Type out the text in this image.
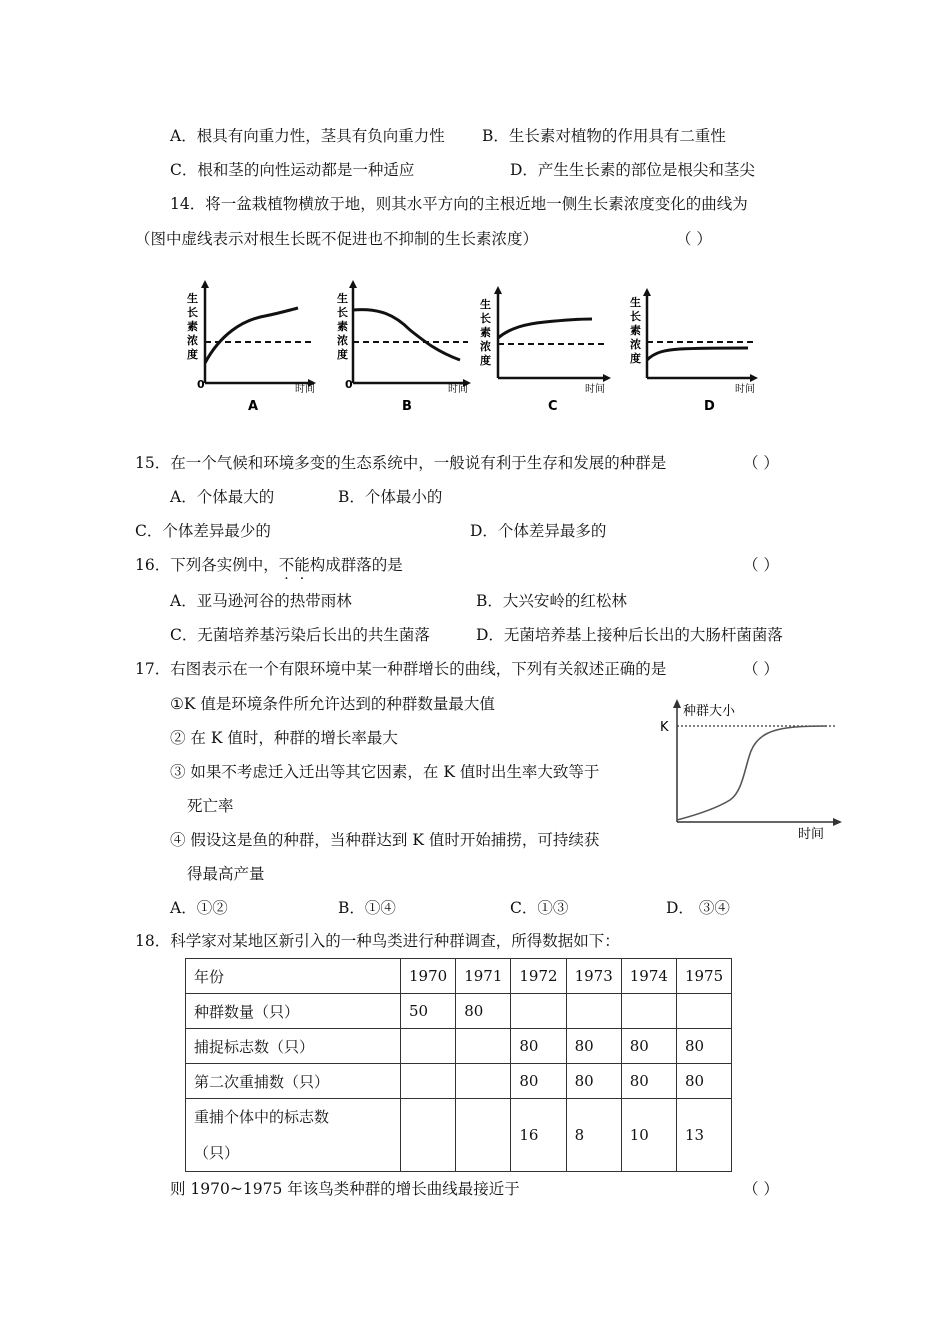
A．根具有向重力性，茎具有负向重力性 B．生长素对植物的作用具有二重性
C．根和茎的向性运动都是一种适应	D．产生生长素的部位是根尖和茎尖
14．将一盆栽植物横放于地，则其水平方向的主根近地一侧生长素浓度变化的曲线为
（图中虚线表示对根生长既不促进也不抑制的生长素浓度）	（ ）
生
长
素
浓
度
0	时间
A
生
长
素
浓
度
0	时间
B
生
长
素
浓
度
时间
C
生
长
素
浓
度
时间
D
15．在一个气候和环境多变的生态系统中，一般说有利于生存和发展的种群是	（ ）
A．个体最大的	B．个体最小的
C．个体差异最少的	D．个体差异最多的
16．下列各实例中，不能构成群落的是	（ ）
A．亚马逊河谷的热带雨林	B．大兴安岭的红松林
C．无菌培养基污染后长出的共生菌落	D．无菌培养基上接种后长出的大肠杆菌菌落
17．右图表示在一个有限环境中某一种群增长的曲线，下列有关叙述正确的是	（ ）
①K 值是环境条件所允许达到的种群数量最大值
② 在 K 值时，种群的增长率最大
③ 如果不考虑迁入迁出等其它因素，在 K 值时出生率大致等于
死亡率
④ 假设这是鱼的种群，当种群达到 K 值时开始捕捞，可持续获
得最高产量
A．①②	B．①④	C．①③	D． ③④
种群大小
K
时间
18．科学家对某地区新引入的一种鸟类进行种群调查，所得数据如下：
年份	1970	1971	1972	1973	1974	1975
种群数量（只）	50	80				
捕捉标志数（只）			80	80	80	80
第二次重捕数（只）			80	80	80	80

重捕个体中的标志数
（只）			16	8	10	13
则 1970~1975 年该鸟类种群的增长曲线最接近于	（ ）
